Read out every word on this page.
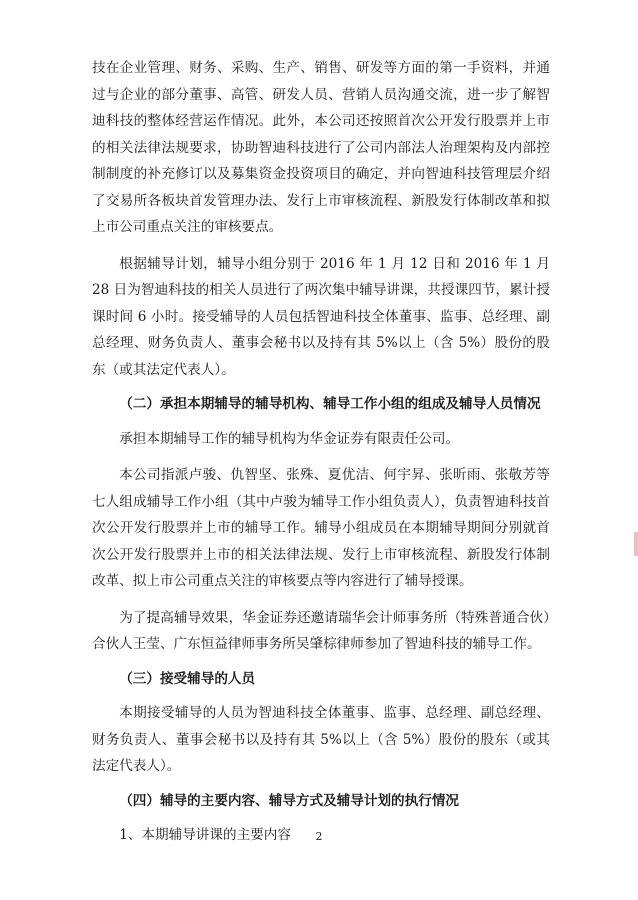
技在企业管理、财务、采购、生产、销售、研发等方面的第一手资料，并通过与企业的部分董事、高管、研发人员、营销人员沟通交流，进一步了解智迪科技的整体经营运作情况。此外，本公司还按照首次公开发行股票并上市的相关法律法规要求，协助智迪科技进行了公司内部法人治理架构及内部控制制度的补充修订以及募集资金投资项目的确定，并向智迪科技管理层介绍了交易所各板块首发管理办法、发行上市审核流程、新股发行体制改革和拟上市公司重点关注的审核要点。

根据辅导计划，辅导小组分别于 2016 年 1 月 12 日和 2016 年 1 月 28 日为智迪科技的相关人员进行了两次集中辅导讲课，共授课四节，累计授课时间 6 小时。接受辅导的人员包括智迪科技全体董事、监事、总经理、副总经理、财务负责人、董事会秘书以及持有其 5%以上（含 5%）股份的股东（或其法定代表人）。

（二）承担本期辅导的辅导机构、辅导工作小组的组成及辅导人员情况

承担本期辅导工作的辅导机构为华金证券有限责任公司。

本公司指派卢骏、仇智坚、张殊、夏优洁、何宇昇、张昕雨、张敬芳等七人组成辅导工作小组（其中卢骏为辅导工作小组负责人），负责智迪科技首次公开发行股票并上市的辅导工作。辅导小组成员在本期辅导期间分别就首次公开发行股票并上市的相关法律法规、发行上市审核流程、新股发行体制改革、拟上市公司重点关注的审核要点等内容进行了辅导授课。

为了提高辅导效果，华金证券还邀请瑞华会计师事务所（特殊普通合伙）合伙人王莹、广东恒益律师事务所吴肇棕律师参加了智迪科技的辅导工作。

（三）接受辅导的人员

本期接受辅导的人员为智迪科技全体董事、监事、总经理、副总经理、财务负责人、董事会秘书以及持有其 5%以上（含 5%）股份的股东（或其法定代表人）。

（四）辅导的主要内容、辅导方式及辅导计划的执行情况

1、本期辅导讲课的主要内容	2
